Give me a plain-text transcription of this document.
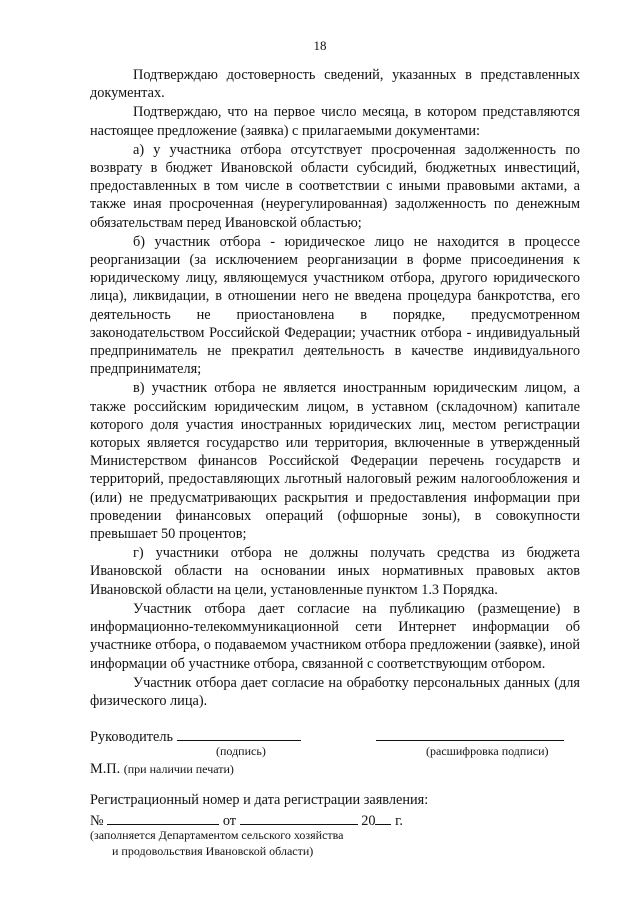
18

Подтверждаю достоверность сведений, указанных в представленных документах.

Подтверждаю, что на первое число месяца, в котором представляются настоящее предложение (заявка) с прилагаемыми документами:

а) у участника отбора отсутствует просроченная задолженность по возврату в бюджет Ивановской области субсидий, бюджетных инвестиций, предоставленных в том числе в соответствии с иными правовыми актами, а также иная просроченная (неурегулированная) задолженность по денежным обязательствам перед Ивановской областью;

б) участник отбора - юридическое лицо не находится в процессе реорганизации (за исключением реорганизации в форме присоединения к юридическому лицу, являющемуся участником отбора, другого юридического лица), ликвидации, в отношении него не введена процедура банкротства, его деятельность не приостановлена в порядке, предусмотренном законодательством Российской Федерации; участник отбора - индивидуальный предприниматель не прекратил деятельность в качестве индивидуального предпринимателя;

в) участник отбора не является иностранным юридическим лицом, а также российским юридическим лицом, в уставном (складочном) капитале которого доля участия иностранных юридических лиц, местом регистрации которых является государство или территория, включенные в утвержденный Министерством финансов Российской Федерации перечень государств и территорий, предоставляющих льготный налоговый режим налогообложения и (или) не предусматривающих раскрытия и предоставления информации при проведении финансовых операций (офшорные зоны), в совокупности превышает 50 процентов;

г) участники отбора не должны получать средства из бюджета Ивановской области на основании иных нормативных правовых актов Ивановской области на цели, установленные пунктом 1.3 Порядка.

Участник отбора дает согласие на публикацию (размещение) в информационно-телекоммуникационной сети Интернет информации об участнике отбора, о подаваемом участником отбора предложении (заявке), иной информации об участнике отбора, связанной с соответствующим отбором.

Участник отбора дает согласие на обработку персональных данных (для физического лица).

Руководитель
(подпись)	(расшифровка подписи)
М.П. (при наличии печати)
Регистрационный номер и дата регистрации заявления:
№	от	20 г.
(заполняется Департаментом сельского хозяйства
и продовольствия Ивановской области)
